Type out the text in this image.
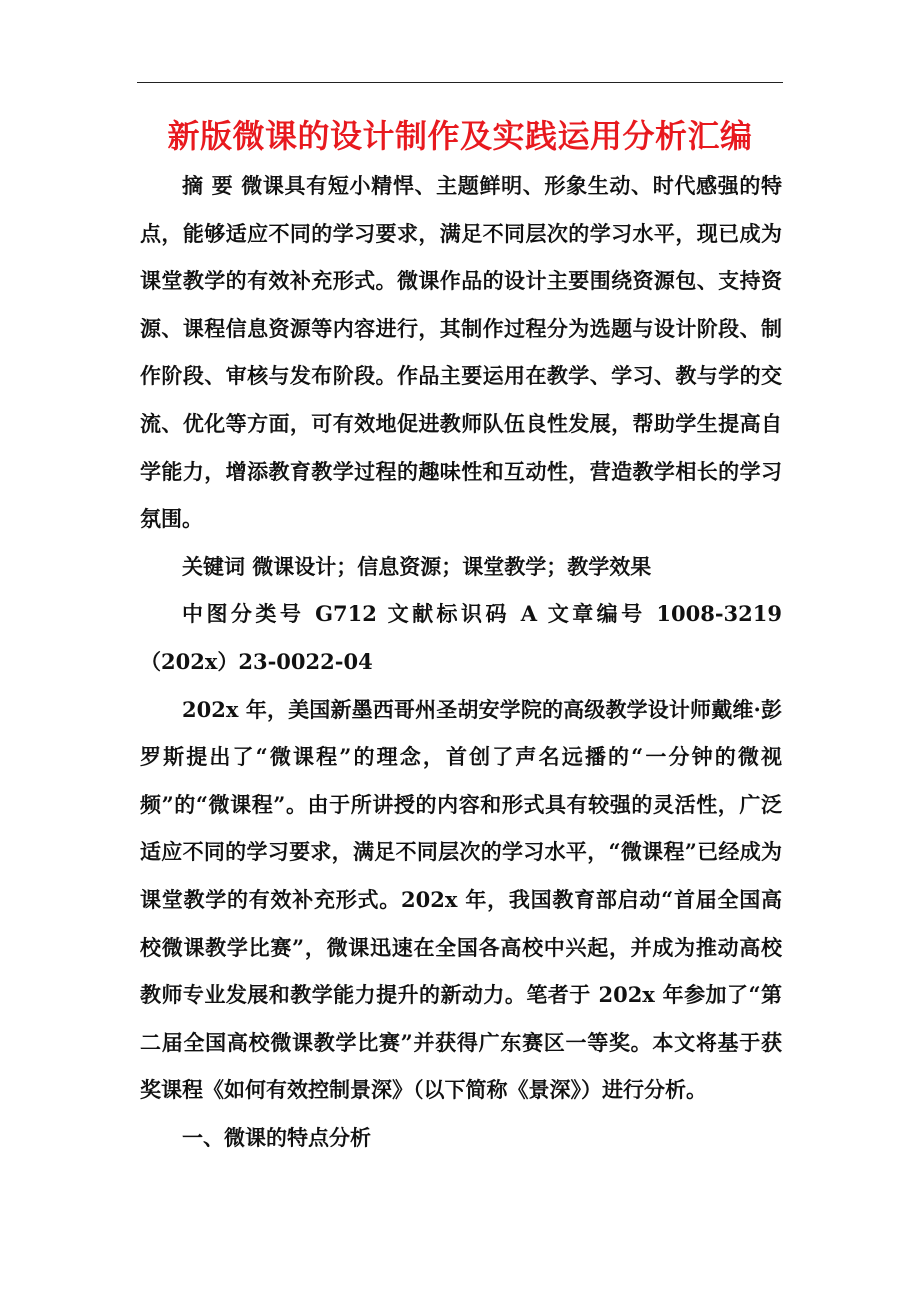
新版微课的设计制作及实践运用分析汇编

摘 要 微课具有短小精悍、主题鲜明、形象生动、时代感强的特点，能够适应不同的学习要求，满足不同层次的学习水平，现已成为课堂教学的有效补充形式。微课作品的设计主要围绕资源包、支持资源、课程信息资源等内容进行，其制作过程分为选题与设计阶段、制作阶段、审核与发布阶段。作品主要运用在教学、学习、教与学的交流、优化等方面，可有效地促进教师队伍良性发展，帮助学生提高自学能力，增添教育教学过程的趣味性和互动性，营造教学相长的学习氛围。

关键词 微课设计；信息资源；课堂教学；教学效果

中图分类号 G712 文献标识码 A 文章编号 1008-3219（202x）23-0022-04

202x 年，美国新墨西哥州圣胡安学院的高级教学设计师戴维·彭罗斯提出了“微课程”的理念，首创了声名远播的“一分钟的微视频”的“微课程”。由于所讲授的内容和形式具有较强的灵活性，广泛适应不同的学习要求，满足不同层次的学习水平，“微课程”已经成为课堂教学的有效补充形式。202x 年，我国教育部启动“首届全国高校微课教学比赛”，微课迅速在全国各高校中兴起，并成为推动高校教师专业发展和教学能力提升的新动力。笔者于 202x 年参加了“第二届全国高校微课教学比赛”并获得广东赛区一等奖。本文将基于获奖课程《如何有效控制景深》（以下简称《景深》）进行分析。

一、微课的特点分析
